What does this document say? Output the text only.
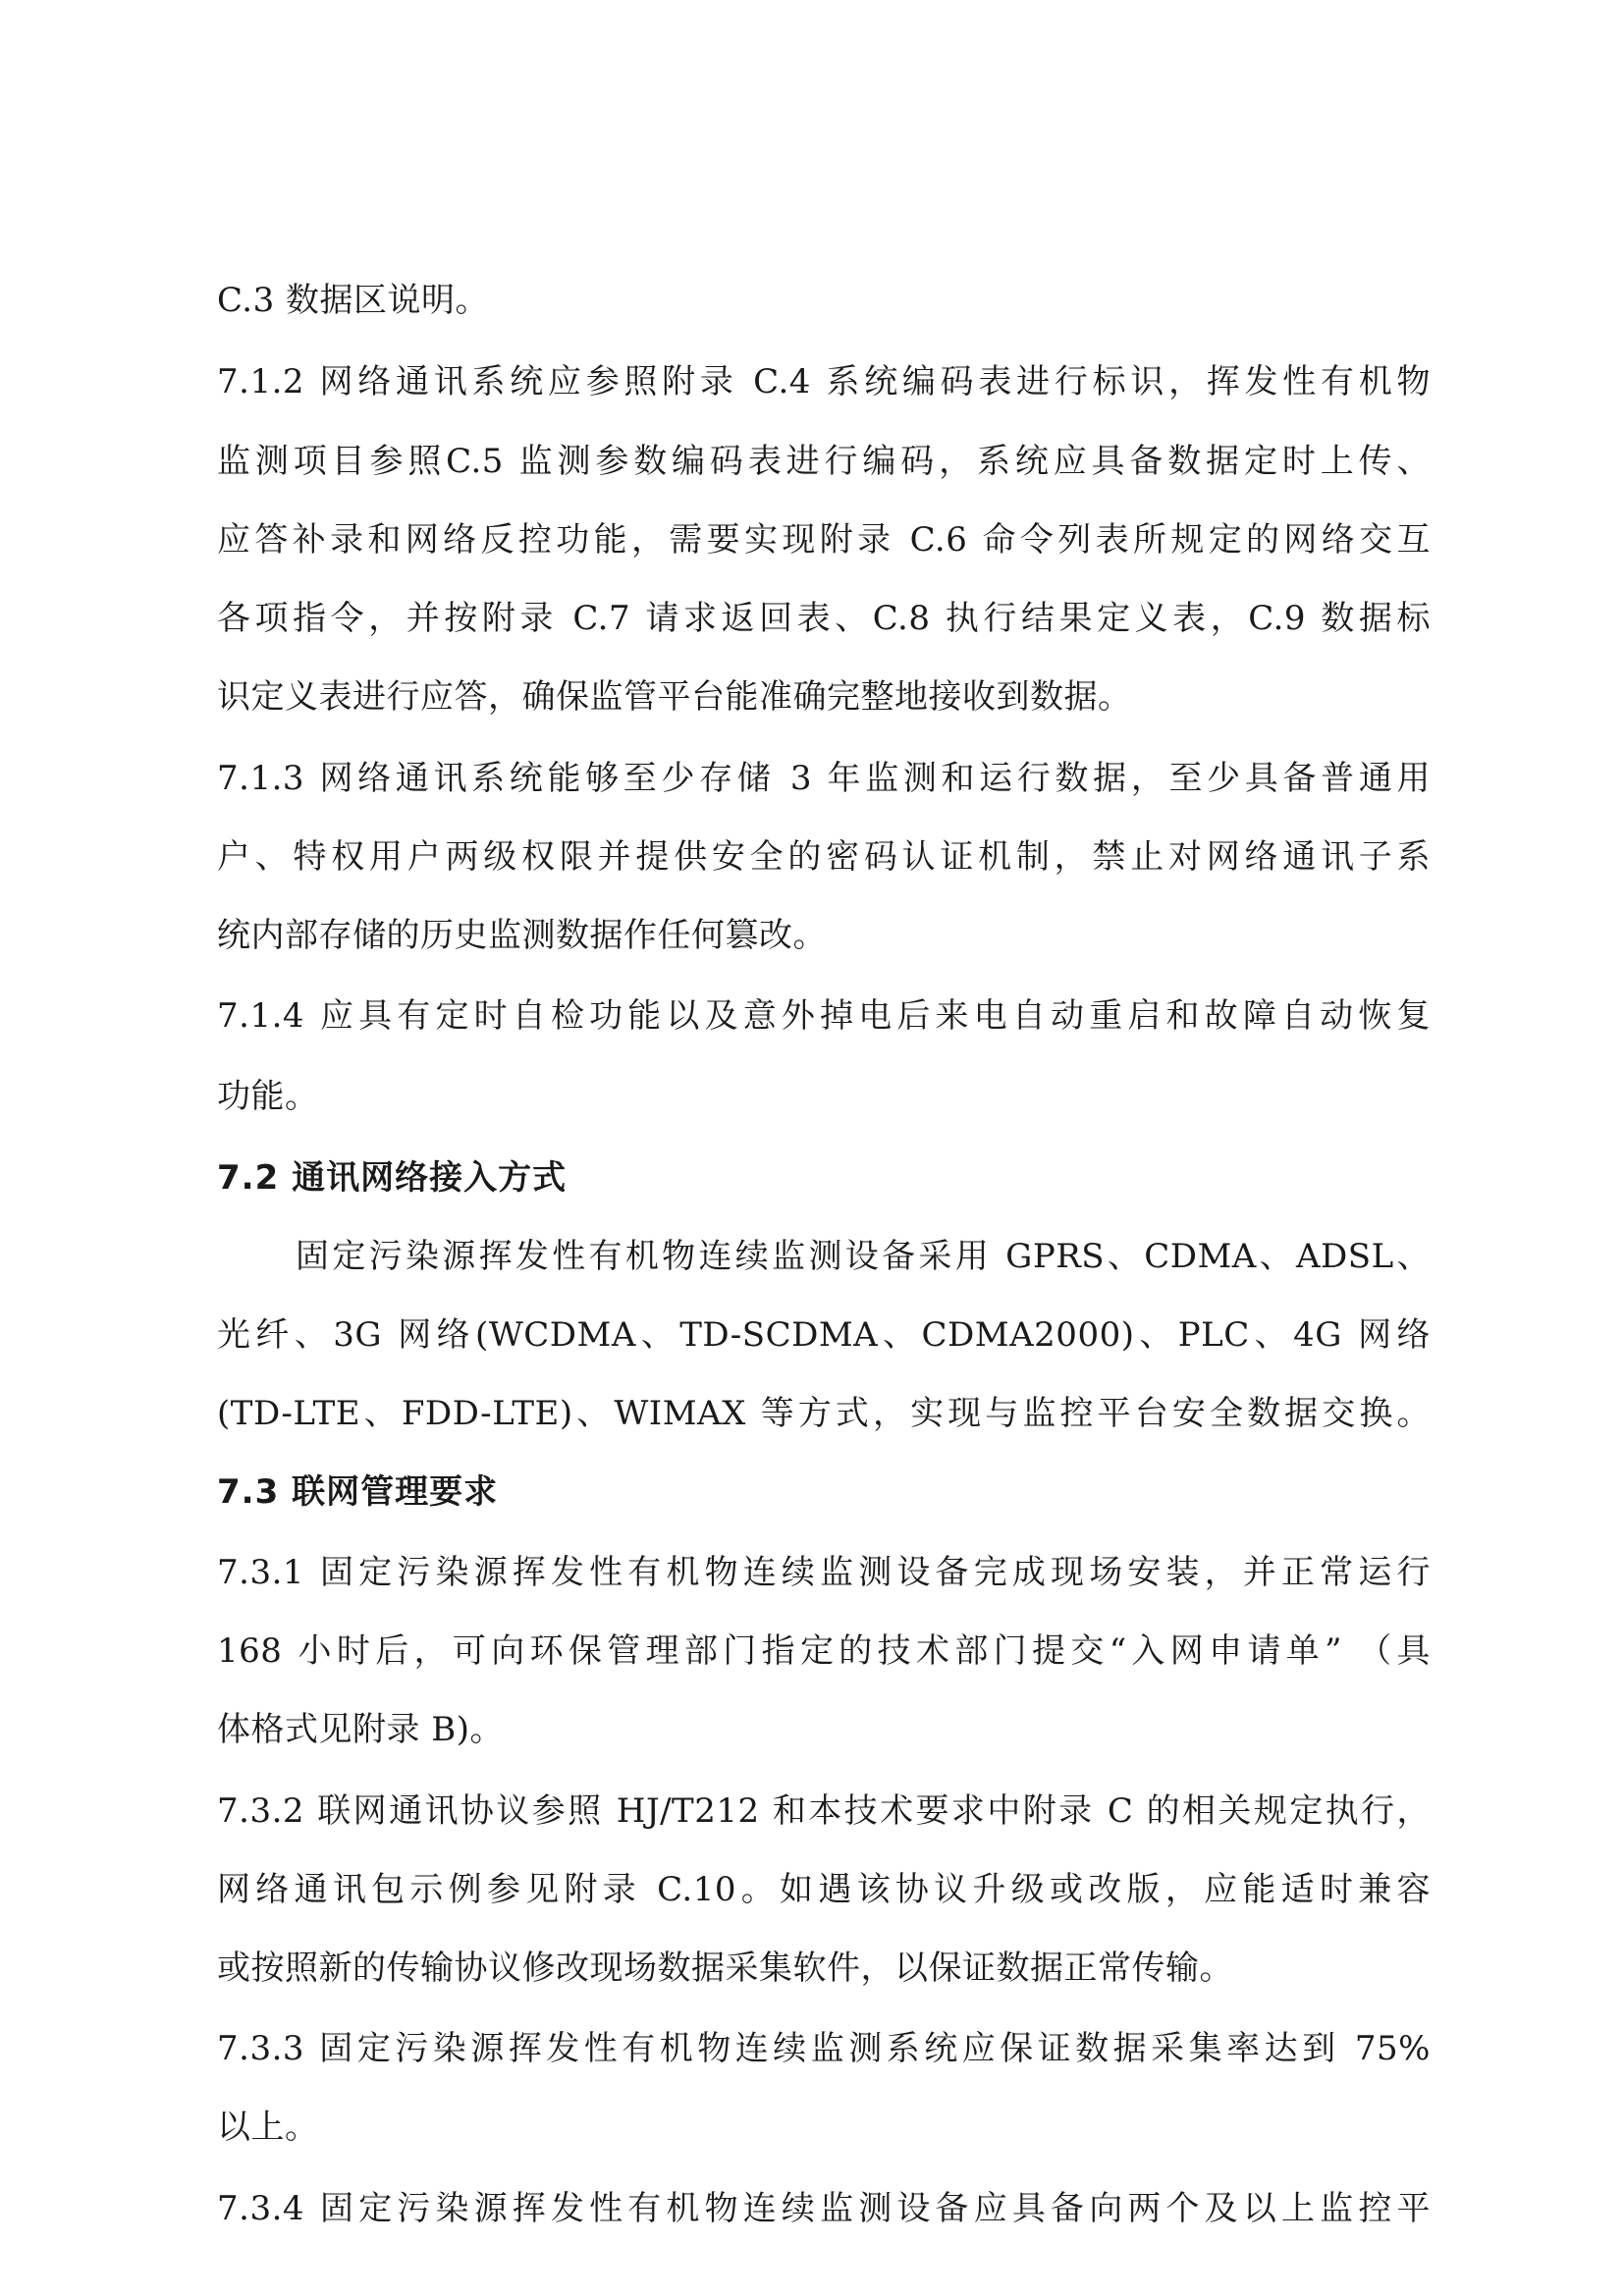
C.3 数据区说明。
7.1.2 网络通讯系统应参照附录 C.4 系统编码表进行标识，挥发性有机物
监测项目参照C.5 监测参数编码表进行编码，系统应具备数据定时上传、
应答补录和网络反控功能，需要实现附录 C.6 命令列表所规定的网络交互
各项指令，并按附录 C.7 请求返回表、C.8 执行结果定义表，C.9 数据标
识定义表进行应答，确保监管平台能准确完整地接收到数据。
7.1.3 网络通讯系统能够至少存储 3 年监测和运行数据，至少具备普通用
户、特权用户两级权限并提供安全的密码认证机制，禁止对网络通讯子系
统内部存储的历史监测数据作任何篡改。
7.1.4 应具有定时自检功能以及意外掉电后来电自动重启和故障自动恢复
功能。
7.2 通讯网络接入方式
固定污染源挥发性有机物连续监测设备采用 GPRS、CDMA、ADSL、
光纤、3G 网络(WCDMA、TD-SCDMA、CDMA2000)、PLC、4G 网络
(TD-LTE、FDD-LTE)、WIMAX 等方式，实现与监控平台安全数据交换。
7.3 联网管理要求
7.3.1 固定污染源挥发性有机物连续监测设备完成现场安装，并正常运行
168 小时后，可向环保管理部门指定的技术部门提交“入网申请单” （具
体格式见附录 B)。
7.3.2 联网通讯协议参照 HJ/T212 和本技术要求中附录 C 的相关规定执行，
网络通讯包示例参见附录 C.10。如遇该协议升级或改版，应能适时兼容
或按照新的传输协议修改现场数据采集软件，以保证数据正常传输。
7.3.3 固定污染源挥发性有机物连续监测系统应保证数据采集率达到 75%
以上。
7.3.4 固定污染源挥发性有机物连续监测设备应具备向两个及以上监控平
